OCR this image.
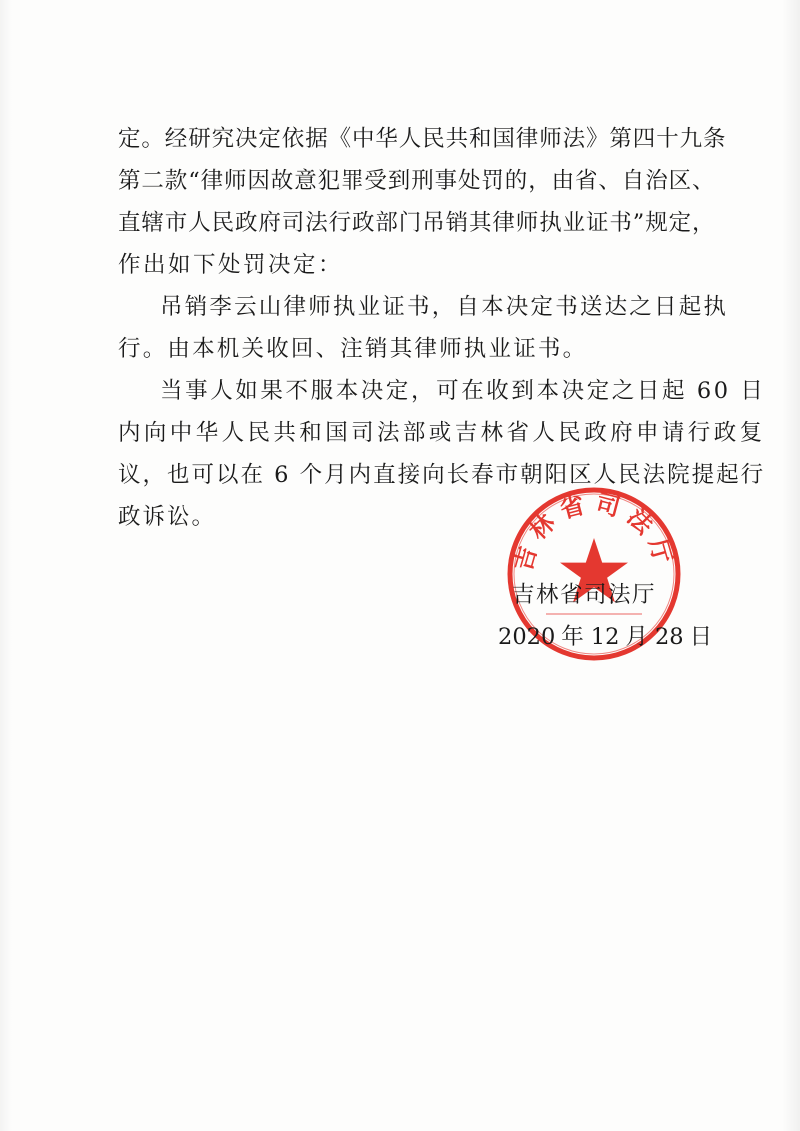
定。经研究决定依据《中华人民共和国律师法》第四十九条
第二款“律师因故意犯罪受到刑事处罚的，由省、自治区、
直辖市人民政府司法行政部门吊销其律师执业证书”规定，
作出如下处罚决定：
吊销李云山律师执业证书，自本决定书送达之日起执
行。由本机关收回、注销其律师执业证书。
当事人如果不服本决定，可在收到本决定之日起 60 日
内向中华人民共和国司法部或吉林省人民政府申请行政复
议，也可以在 6 个月内直接向长春市朝阳区人民法院提起行
政诉讼。
吉林省司法厅
吉林省司法厅
2020 年 12 月 28 日
